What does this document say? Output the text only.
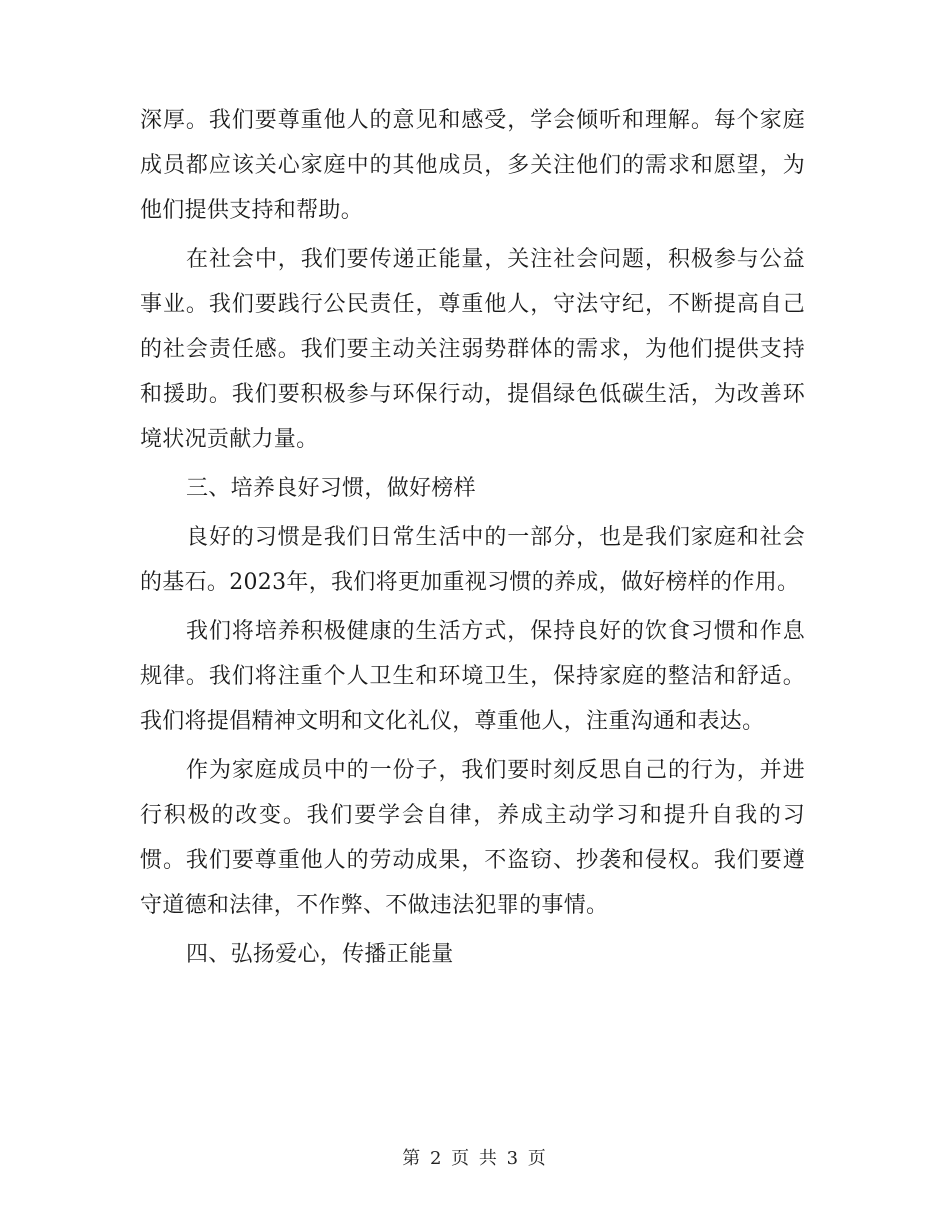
深厚。我们要尊重他人的意见和感受，学会倾听和理解。每个家庭成员都应该关心家庭中的其他成员，多关注他们的需求和愿望，为他们提供支持和帮助。

在社会中，我们要传递正能量，关注社会问题，积极参与公益事业。我们要践行公民责任，尊重他人，守法守纪，不断提高自己的社会责任感。我们要主动关注弱势群体的需求，为他们提供支持和援助。我们要积极参与环保行动，提倡绿色低碳生活，为改善环境状况贡献力量。

三、培养良好习惯，做好榜样

良好的习惯是我们日常生活中的一部分，也是我们家庭和社会的基石。2023年，我们将更加重视习惯的养成，做好榜样的作用。

我们将培养积极健康的生活方式，保持良好的饮食习惯和作息规律。我们将注重个人卫生和环境卫生，保持家庭的整洁和舒适。我们将提倡精神文明和文化礼仪，尊重他人，注重沟通和表达。

作为家庭成员中的一份子，我们要时刻反思自己的行为，并进行积极的改变。我们要学会自律，养成主动学习和提升自我的习惯。我们要尊重他人的劳动成果，不盗窃、抄袭和侵权。我们要遵守道德和法律，不作弊、不做违法犯罪的事情。

四、弘扬爱心，传播正能量

第 2 页 共 3 页
